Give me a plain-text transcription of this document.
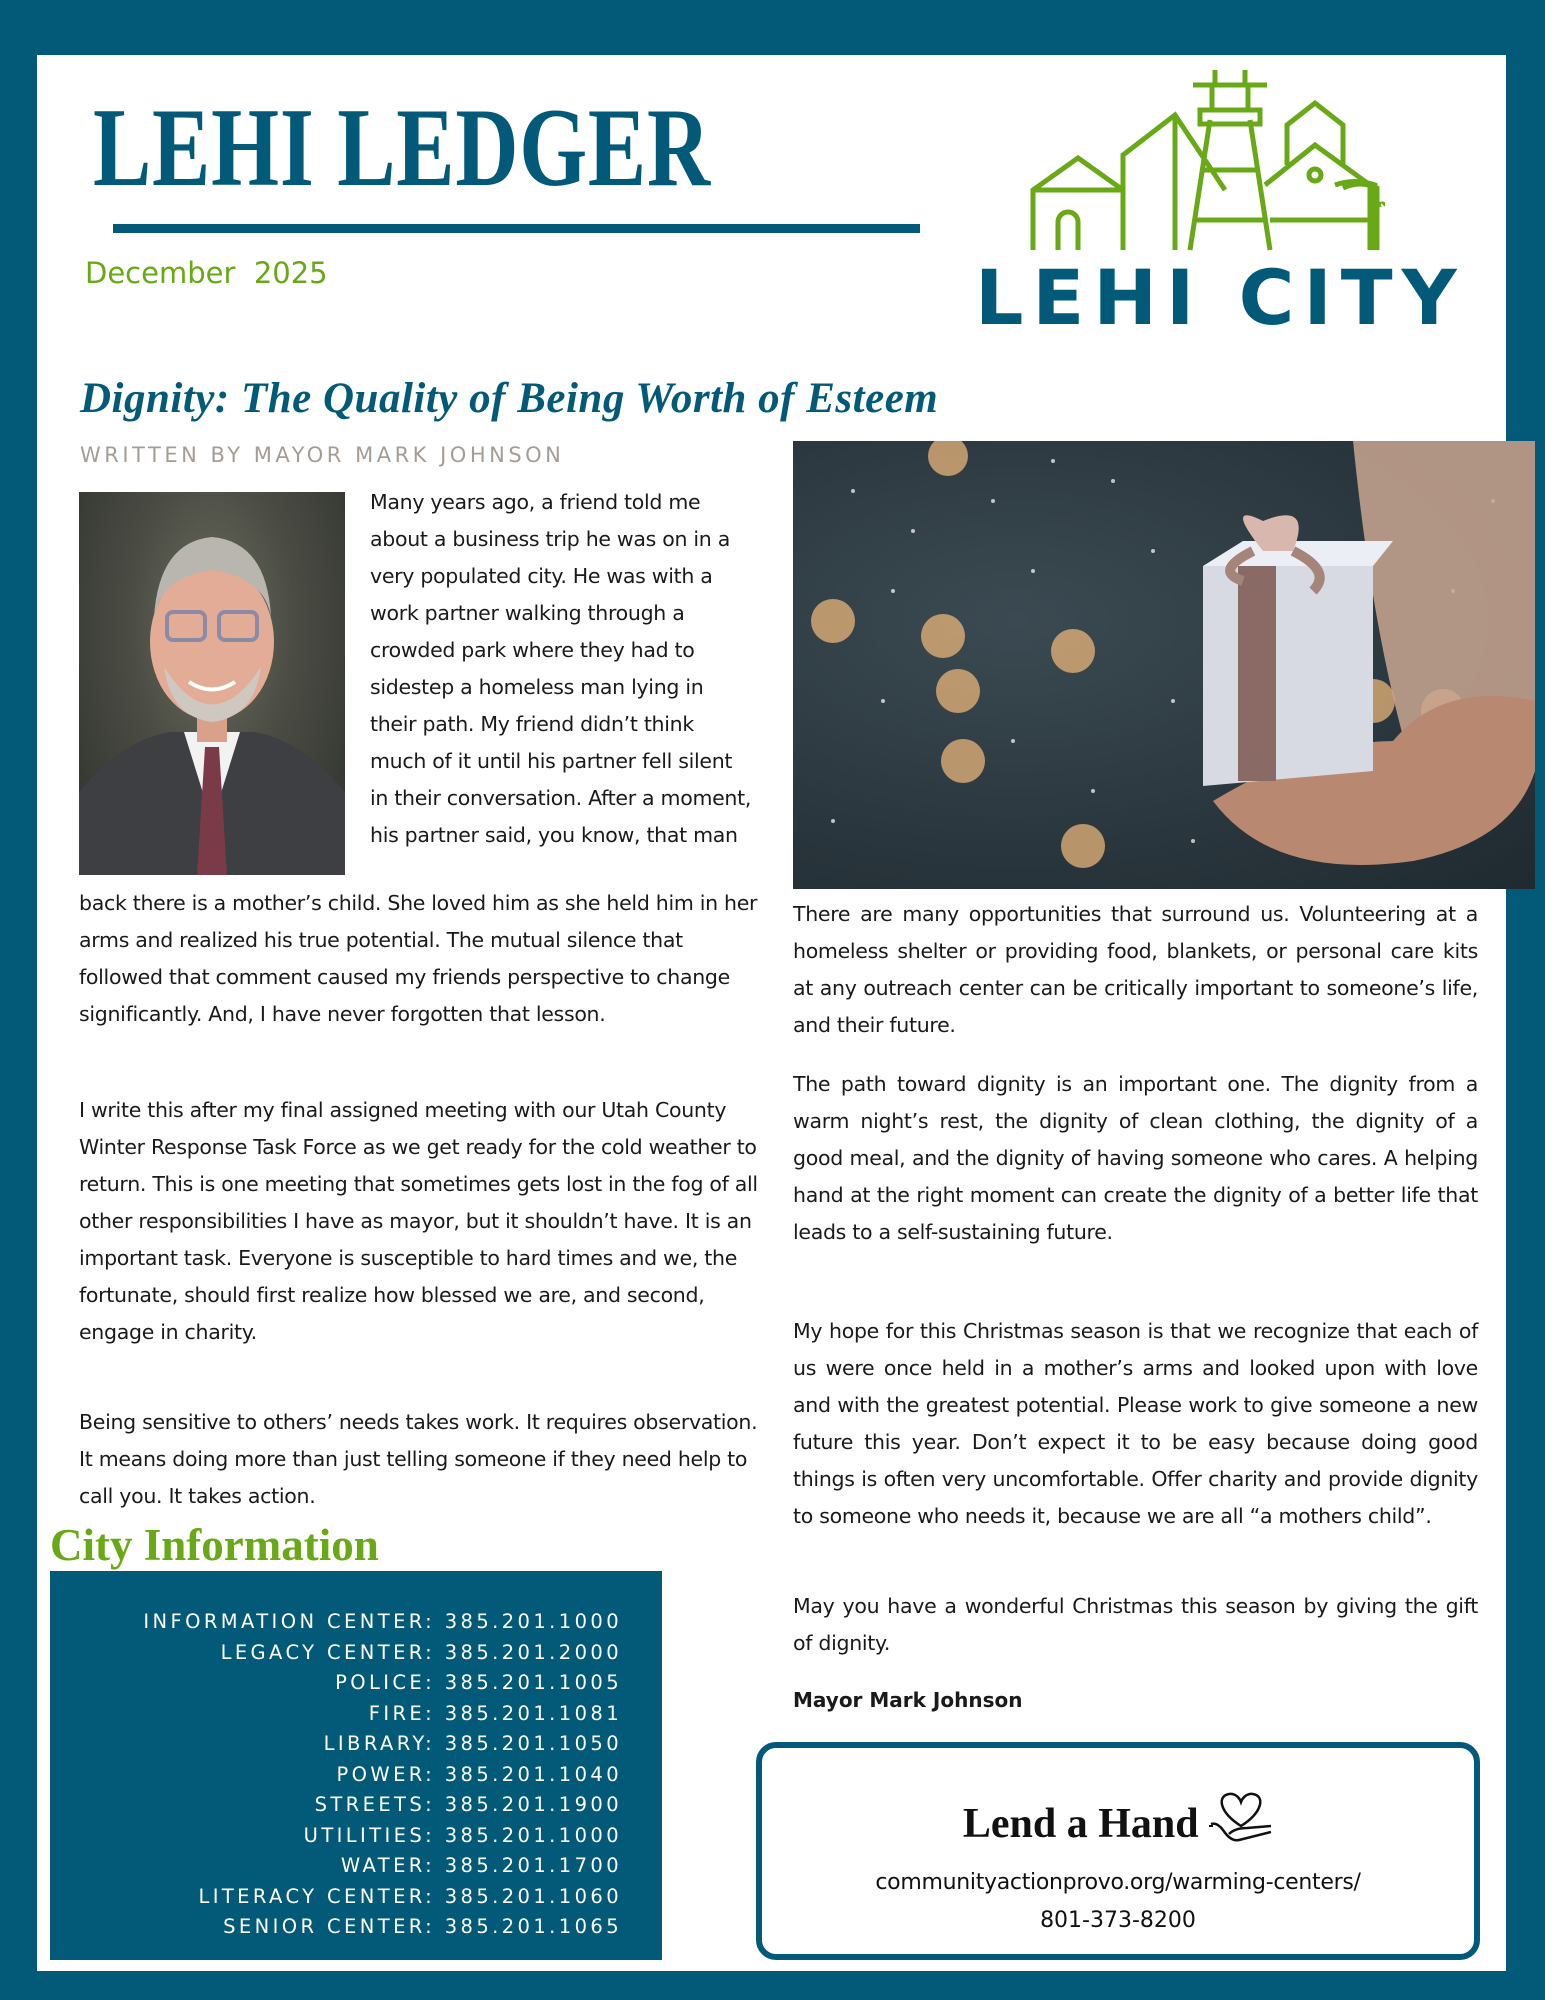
LEHI LEDGER
December  2025	LEHI CITY
Dignity: The Quality of Being Worth of Esteem
WRITTEN BY MAYOR MARK JOHNSON
Many years ago, a friend told me about a business trip he was on in a very populated city. He was with a work partner walking through a crowded park where they had to sidestep a homeless man lying in their path. My friend didn’t think much of it until his partner fell silent in their conversation. After a moment, his partner said, you know, that man
back there is a mother’s child. She loved him as she held him in her arms and realized his true potential. The mutual silence that followed that comment caused my friends perspective to change significantly. And, I have never forgotten that lesson.
I write this after my final assigned meeting with our Utah County Winter Response Task Force as we get ready for the cold weather to return. This is one meeting that sometimes gets lost in the fog of all other responsibilities I have as mayor, but it shouldn’t have. It is an important task. Everyone is susceptible to hard times and we, the fortunate, should first realize how blessed we are, and second, engage in charity.
Being sensitive to others’ needs takes work. It requires observation. It means doing more than just telling someone if they need help to call you. It takes action.
There are many opportunities that surround us. Volunteering at a homeless shelter or providing food, blankets, or personal care kits at any outreach center can be critically important to someone’s life, and their future.
The path toward dignity is an important one. The dignity from a warm night’s rest, the dignity of clean clothing, the dignity of a good meal, and the dignity of having someone who cares. A helping hand at the right moment can create the dignity of a better life that leads to a self-sustaining future.
My hope for this Christmas season is that we recognize that each of us were once held in a mother’s arms and looked upon with love and with the greatest potential. Please work to give someone a new future this year. Don’t expect it to be easy because doing good things is often very uncomfortable. Offer charity and provide dignity to someone who needs it, because we are all “a mothers child”.
May you have a wonderful Christmas this season by giving the gift of dignity.
Mayor Mark Johnson
City Information
INFORMATION CENTER: 385.201.1000
LEGACY CENTER: 385.201.2000
POLICE: 385.201.1005
FIRE: 385.201.1081
LIBRARY: 385.201.1050
POWER: 385.201.1040
STREETS: 385.201.1900
UTILITIES: 385.201.1000
WATER: 385.201.1700
LITERACY CENTER: 385.201.1060
SENIOR CENTER: 385.201.1065
Lend a Hand
communityactionprovo.org/warming-centers/
801-373-8200
